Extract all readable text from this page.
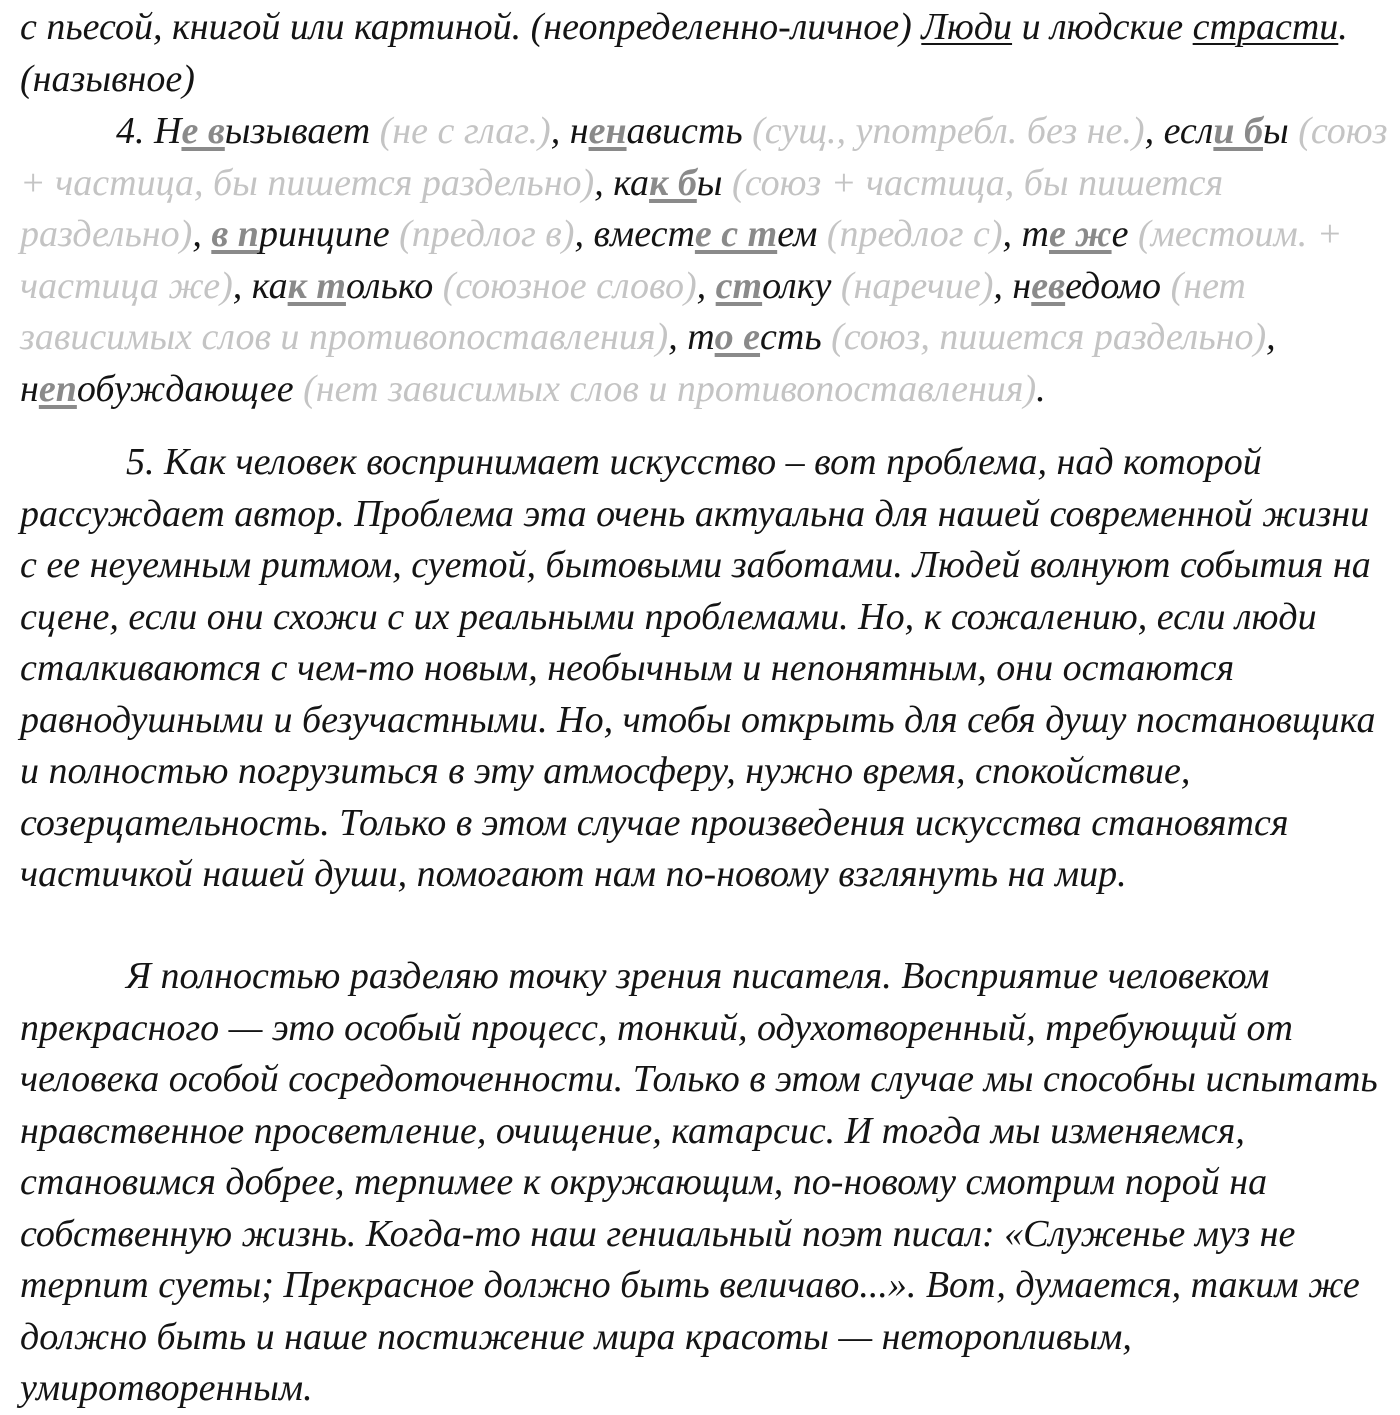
с пьесой, книгой или картиной. (неопределенно-личное) Люди и людские страсти. (назывное)

4. Не вызывает (не с глаг.), ненависть (сущ., употребл. без не.), если бы (союз + частица, бы пишется раздельно), как бы (союз + частица, бы пишется раздельно), в принципе (предлог в), вместе с тем (предлог с), те же (местоим. + частица же), как только (союзное слово), столку (наречие), неведомо (нет зависимых слов и противопоставления), то есть (союз, пишется раздельно), непобуждающее (нет зависимых слов и противопоставления).

5. Как человек воспринимает искусство – вот проблема, над которой рассуждает автор. Проблема эта очень актуальна для нашей современной жизни с ее неуемным ритмом, суетой, бытовыми заботами. Людей волнуют события на сцене, если они схожи с их реальными проблемами. Но, к сожалению, если люди сталкиваются с чем-то новым, необычным и непонятным, они остаются равнодушными и безучастными. Но, чтобы открыть для себя душу постановщика и полностью погрузиться в эту атмосферу, нужно время, спокойствие, созерцательность. Только в этом случае произведения искусства становятся частичкой нашей души, помогают нам по-новому взглянуть на мир.

Я полностью разделяю точку зрения писателя. Восприятие человеком прекрасного — это особый процесс, тонкий, одухотворенный, требующий от человека особой сосредоточенности. Только в этом случае мы способны испытать нравственное просветление, очищение, катарсис. И тогда мы изменяемся, становимся добрее, терпимее к окружающим, по-новому смотрим порой на собственную жизнь. Когда-то наш гениальный поэт писал: «Служенье муз не терпит суеты; Прекрасное должно быть величаво...». Вот, думается, таким же должно быть и наше постижение мира красоты — неторопливым, умиротворенным.
